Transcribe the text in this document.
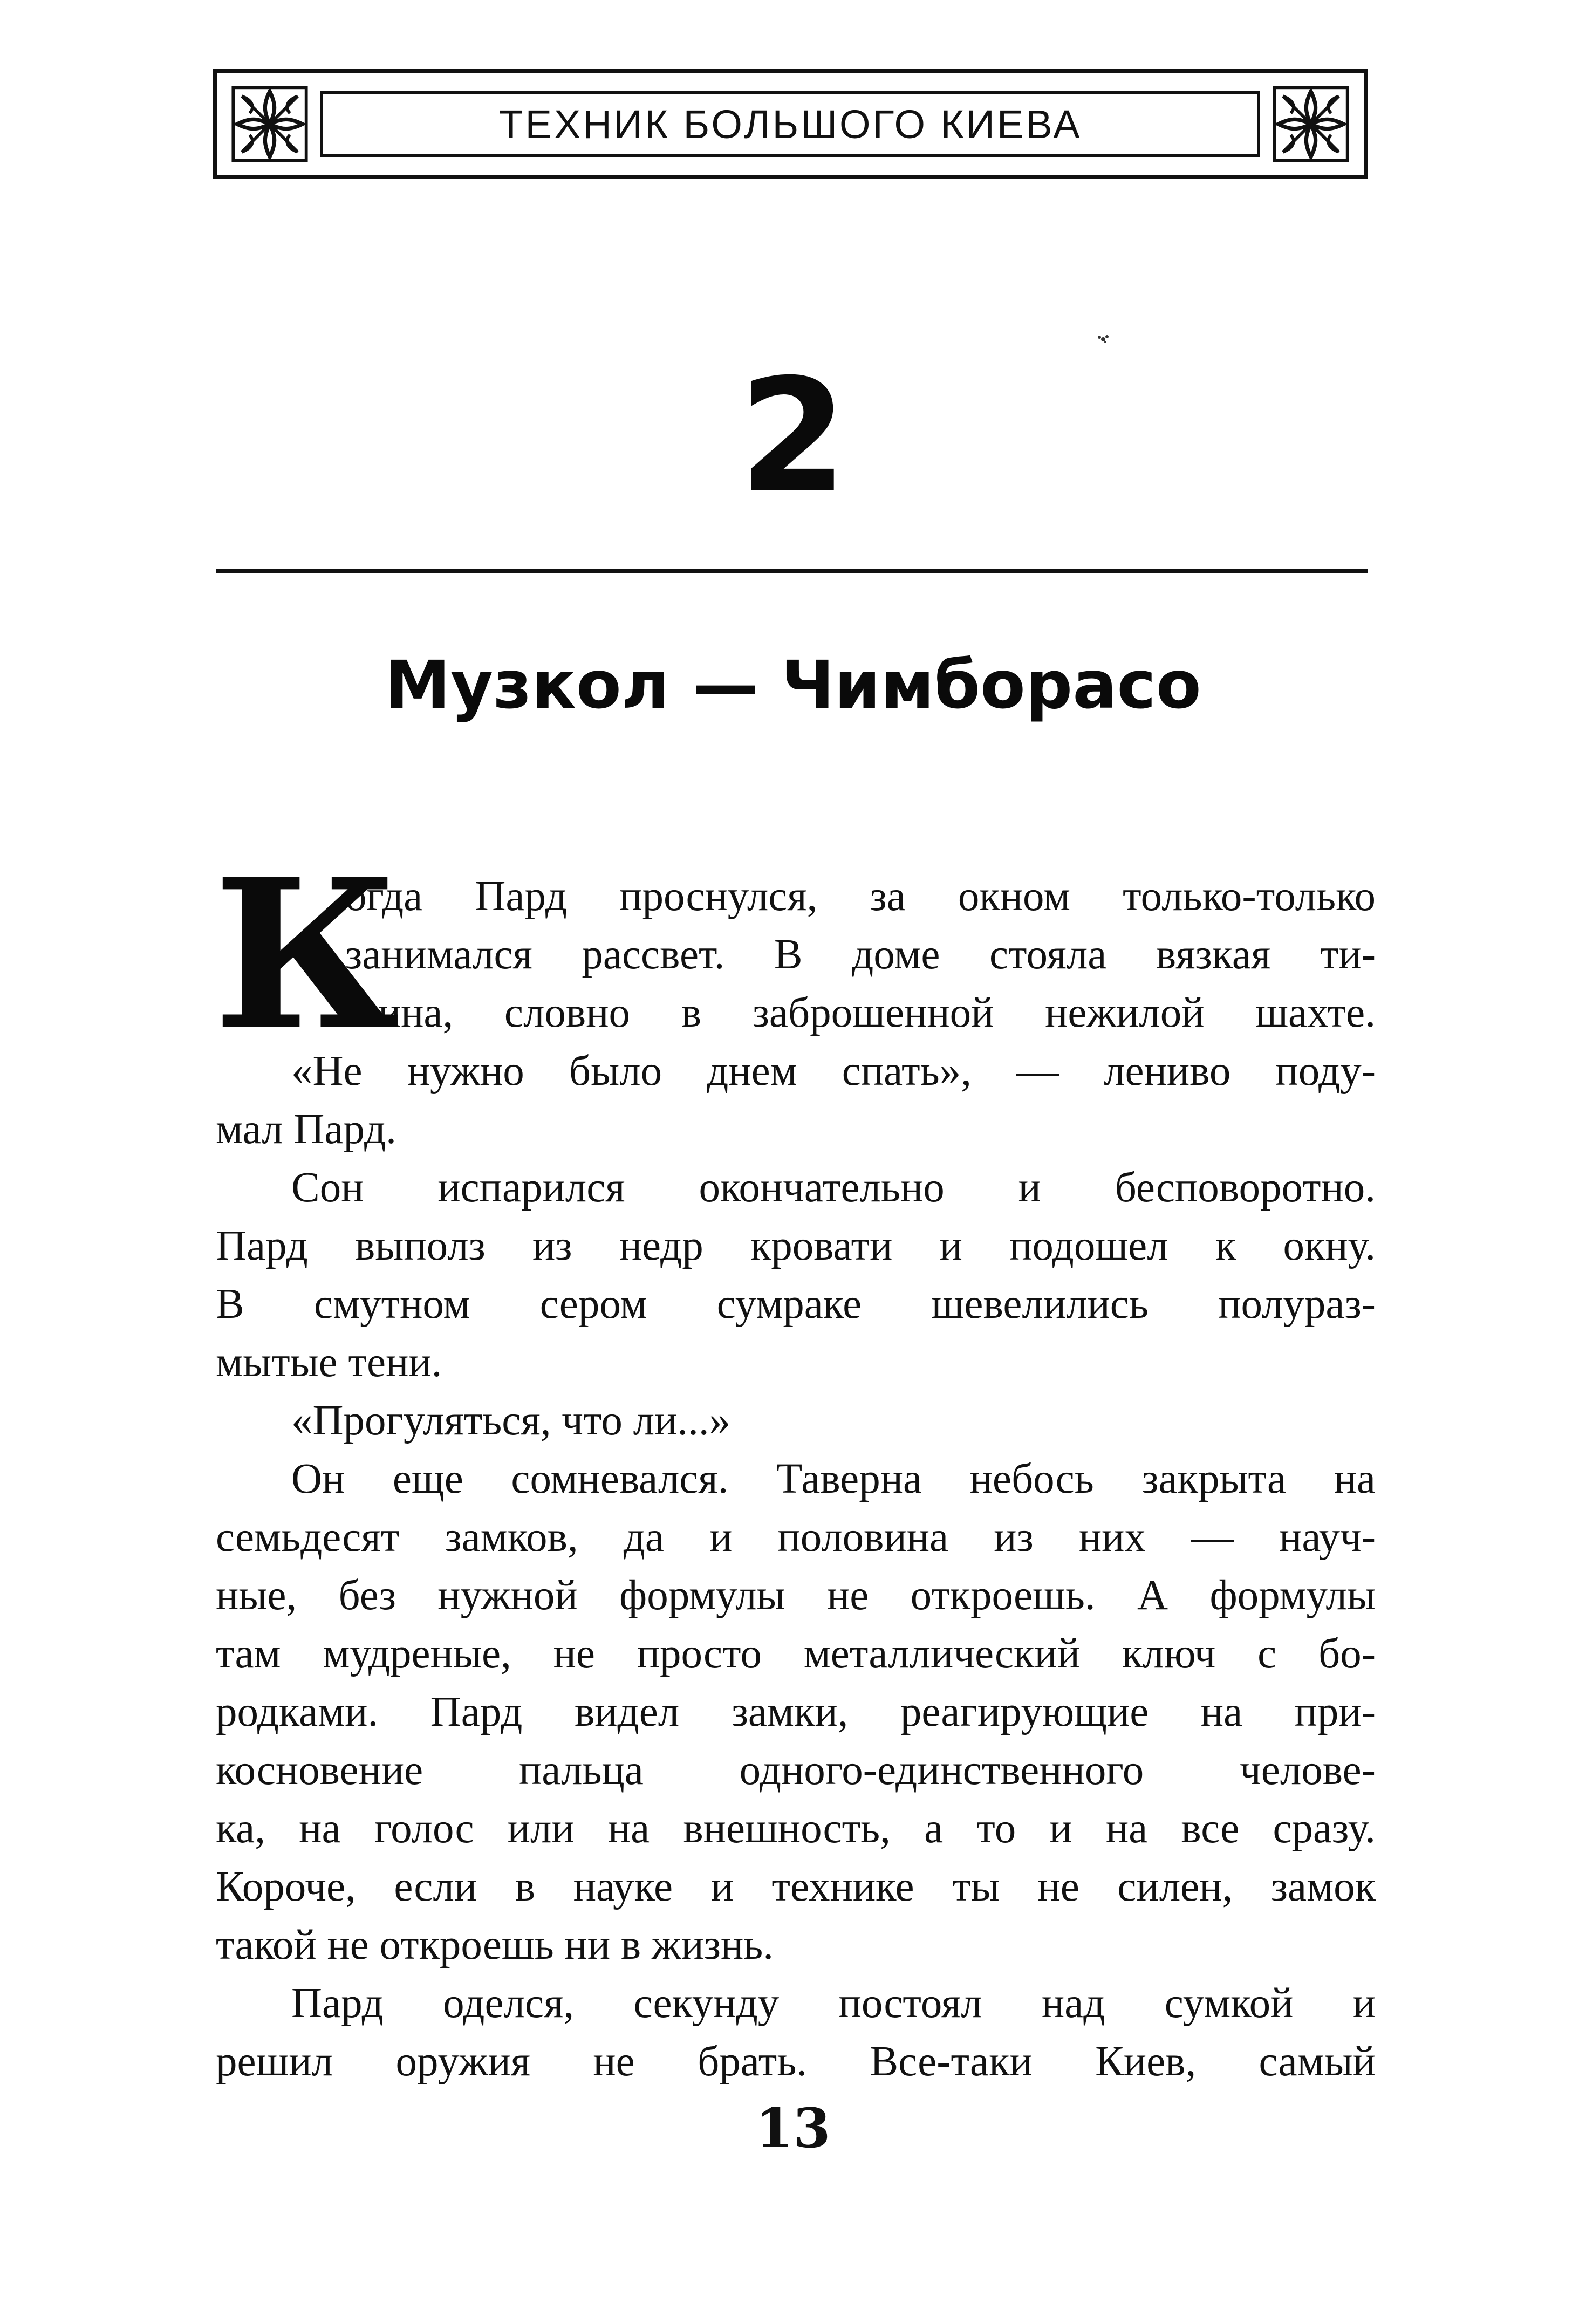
ТЕХНИК БОЛЬШОГО КИЕВА
2
Музкол — Чимборасо
К
огда Пард проснулся, за окном только-только
занимался рассвет. В доме стояла вязкая ти-
шина, словно в заброшенной нежилой шахте.
«Не нужно было днем спать», — лениво поду-
мал Пард.
Сон испарился окончательно и бесповоротно.
Пард выполз из недр кровати и подошел к окну.
В смутном сером сумраке шевелились полураз-
мытые тени.
«Прогуляться, что ли...»
Он еще сомневался. Таверна небось закрыта на
семьдесят замков, да и половина из них — науч-
ные, без нужной формулы не откроешь. А формулы
там мудреные, не просто металлический ключ с бо-
родками. Пард видел замки, реагирующие на при-
косновение пальца одного-единственного челове-
ка, на голос или на внешность, а то и на все сразу.
Короче, если в науке и технике ты не силен, замок
такой не откроешь ни в жизнь.
Пард оделся, секунду постоял над сумкой и
решил оружия не брать. Все-таки Киев, самый
13
